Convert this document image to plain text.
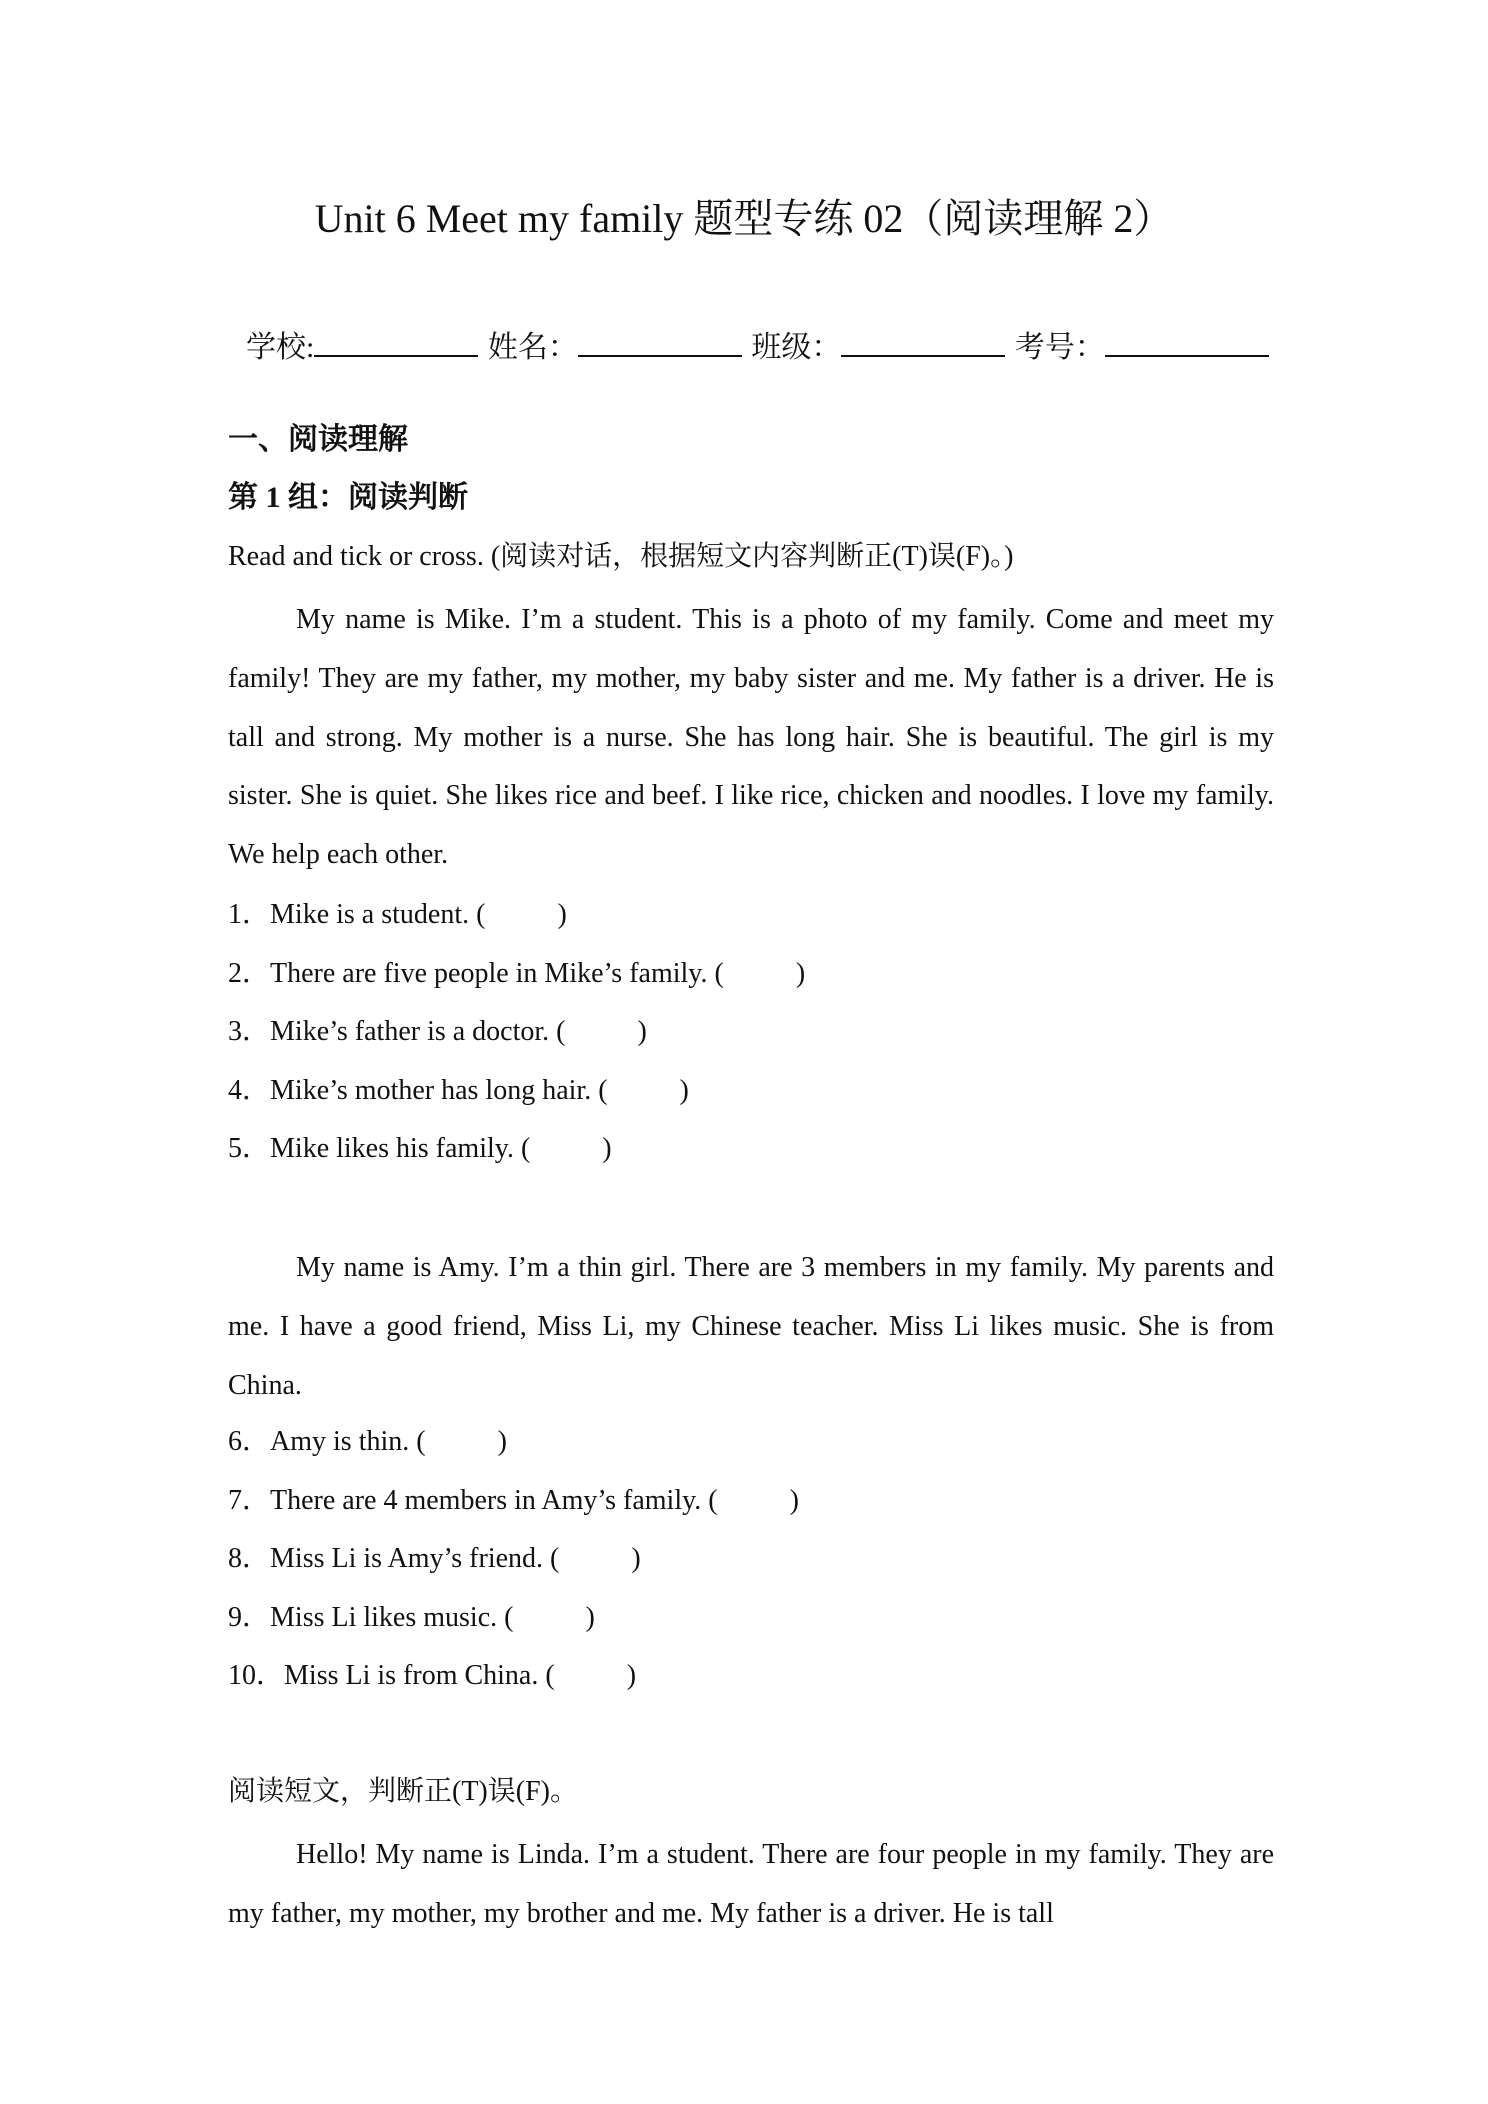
Unit 6 Meet my family 题型专练 02（阅读理解 2）
学校:	姓名：	班级：	考号：
一、阅读理解
第 1 组：阅读判断
Read and tick or cross. (阅读对话，根据短文内容判断正(T)误(F)。)

My name is Mike. I’m a student. This is a photo of my family. Come and meet my family! They are my father, my mother, my baby sister and me. My father is a driver. He is tall and strong. My mother is a nurse. She has long hair. She is beautiful. The girl is my sister. She is quiet. She likes rice and beef. I like rice, chicken and noodles. I love my family. We help each other.

1．Mike is a student. (	)
2．There are five people in Mike’s family. (	)
3．Mike’s father is a doctor. (	)
4．Mike’s mother has long hair. (	)
5．Mike likes his family. (	)

My name is Amy. I’m a thin girl. There are 3 members in my family. My parents and me. I have a good friend, Miss Li, my Chinese teacher. Miss Li likes music. She is from China.

6．Amy is thin. (	)
7．There are 4 members in Amy’s family. (	)
8．Miss Li is Amy’s friend. (	)
9．Miss Li likes music. (	)
10．Miss Li is from China. (	)
阅读短文，判断正(T)误(F)。

Hello! My name is Linda. I’m a student. There are four people in my family. They are my father, my mother, my brother and me. My father is a driver. He is tall
